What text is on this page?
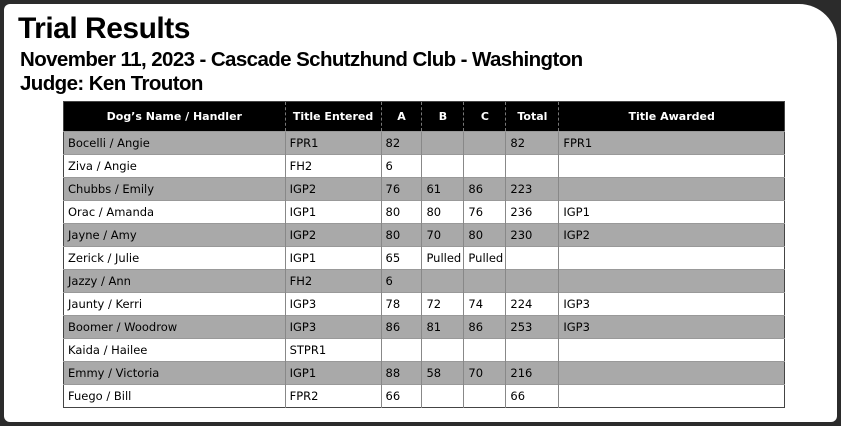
Trial Results
November 11, 2023 - Cascade Schutzhund Club - Washington
Judge: Ken Trouton
Dog’s Name / Handler	Title Entered	A	B	C	Total	Title Awarded
Bocelli / Angie	FPR1	82			82	FPR1
Ziva / Angie	FH2	6				
Chubbs / Emily	IGP2	76	61	86	223	
Orac / Amanda	IGP1	80	80	76	236	IGP1
Jayne / Amy	IGP2	80	70	80	230	IGP2
Zerick / Julie	IGP1	65	Pulled	Pulled		
Jazzy / Ann	FH2	6				
Jaunty / Kerri	IGP3	78	72	74	224	IGP3
Boomer / Woodrow	IGP3	86	81	86	253	IGP3
Kaida / Hailee	STPR1					
Emmy / Victoria	IGP1	88	58	70	216	
Fuego / Bill	FPR2	66			66	
